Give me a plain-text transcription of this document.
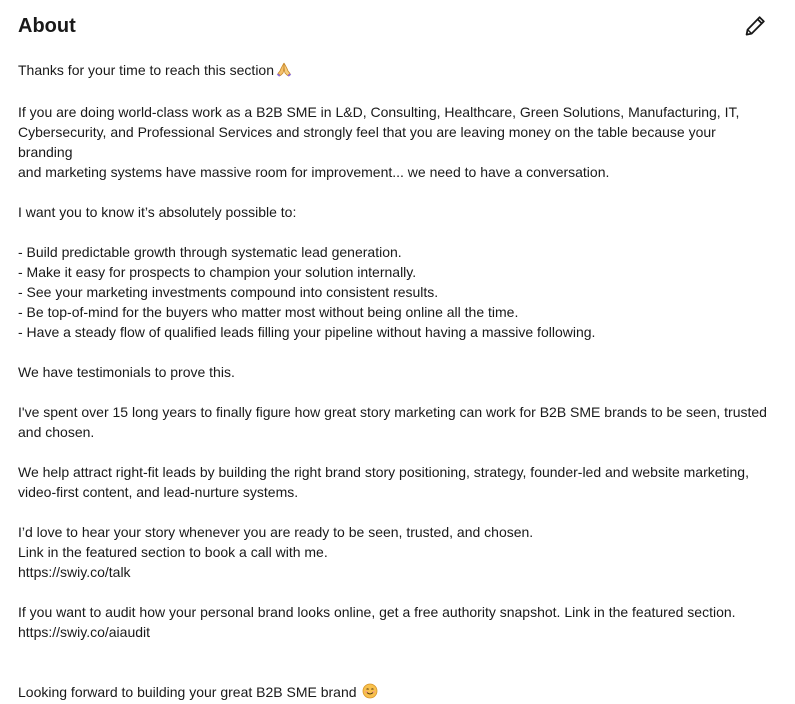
About
Thanks for your time to reach this section
If you are doing world-class work as a B2B SME in L&D, Consulting, Healthcare, Green Solutions, Manufacturing, IT,
Cybersecurity, and Professional Services and strongly feel that you are leaving money on the table because your branding
and marketing systems have massive room for improvement... we need to have a conversation.
I want you to know it’s absolutely possible to:
- Build predictable growth through systematic lead generation.
- Make it easy for prospects to champion your solution internally.
- See your marketing investments compound into consistent results.
- Be top-of-mind for the buyers who matter most without being online all the time.
- Have a steady flow of qualified leads filling your pipeline without having a massive following.
We have testimonials to prove this.
I've spent over 15 long years to finally figure how great story marketing can work for B2B SME brands to be seen, trusted
and chosen.
We help attract right-fit leads by building the right brand story positioning, strategy, founder-led and website marketing,
video-first content, and lead-nurture systems.
I’d love to hear your story whenever you are ready to be seen, trusted, and chosen.
Link in the featured section to book a call with me.
https://swiy.co/talk
If you want to audit how your personal brand looks online, get a free authority snapshot. Link in the featured section.
https://swiy.co/aiaudit
Looking forward to building your great B2B SME brand
